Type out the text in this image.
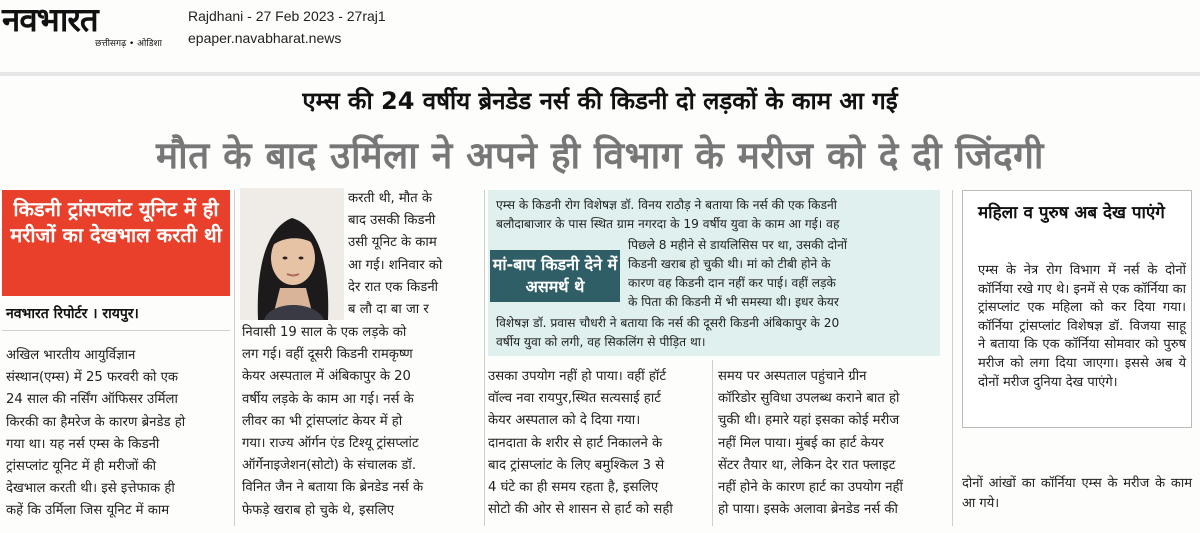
नवभारत
छत्तीसगढ़ • ओडिशा
Rajdhani - 27 Feb 2023 - 27raj1
epaper.navabharat.news
एम्स की 24 वर्षीय ब्रेनडेड नर्स की किडनी दो लड़कों के काम आ गई
मौत के बाद उर्मिला ने अपने ही विभाग के मरीज को दे दी जिंदगी
किडनी ट्रांसप्लांट यूनिट में ही मरीजों का देखभाल करती थी
नवभारत रिपोर्टर । रायपुर।
अखिल भारतीय आयुर्विज्ञान
संस्थान(एम्स) में 25 फरवरी को एक
24 साल की नर्सिंग ऑफिसर उर्मिला
किरकी का हैमरेज के कारण ब्रेनडेड हो
गया था। यह नर्स एम्स के किडनी
ट्रांसप्लांट यूनिट में ही मरीजों की
देखभाल करती थी। इसे इत्तेफाक ही
कहें कि उर्मिला जिस यूनिट में काम
करती थी, मौत के
बाद उसकी किडनी
उसी यूनिट के काम
आ गई। शनिवार को
देर रात एक किडनी
ब लौ दा बा जा र
निवासी 19 साल के एक लड़के को
लग गई। वहीं दूसरी किडनी रामकृष्ण
केयर अस्पताल में अंबिकापुर के 20
वर्षीय लड़के के काम आ गई। नर्स के
लीवर का भी ट्रांसप्लांट केयर में हो
गया। राज्य ऑर्गन एंड टिश्यू ट्रांसप्लांट
ऑर्गेनाइजेशन(सोटो) के संचालक डॉ.
विनित जैन ने बताया कि ब्रेनडेड नर्स के
फेफड़े खराब हो चुके थे, इसलिए
एम्स के किडनी रोग विशेषज्ञ डॉ. विनय राठौड़ ने बताया कि नर्स की एक किडनी
बलौदाबाजार के पास स्थित ग्राम नगरदा के 19 वर्षीय युवा के काम आ गई। वह
मां-बाप किडनी देने में असमर्थ थे
पिछले 8 महीने से डायलिसिस पर था, उसकी दोनों
किडनी खराब हो चुकी थी। मां को टीबी होने के
कारण वह किडनी दान नहीं कर पाई। वहीं लड़के
के पिता की किडनी में भी समस्या थी। इधर केयर
विशेषज्ञ डॉ. प्रवास चौधरी ने बताया कि नर्स की दूसरी किडनी अंबिकापुर के 20
वर्षीय युवा को लगी, वह सिकलिंग से पीड़ित था।
उसका उपयोग नहीं हो पाया। वहीं हॉर्ट
वॉल्व नवा रायपुर,स्थित सत्यसाई हार्ट
केयर अस्पताल को दे दिया गया।
दानदाता के शरीर से हार्ट निकालने के
बाद ट्रांसप्लांट के लिए बमुश्किल 3 से
4 घंटे का ही समय रहता है, इसलिए
सोटो की ओर से शासन से हार्ट को सही
समय पर अस्पताल पहुंचाने ग्रीन
कॉरिडोर सुविधा उपलब्ध कराने बात हो
चुकी थी। हमारे यहां इसका कोई मरीज
नहीं मिल पाया। मुंबई का हार्ट केयर
सेंटर तैयार था, लेकिन देर रात फ्लाइट
नहीं होने के कारण हार्ट का उपयोग नहीं
हो पाया। इसके अलावा ब्रेनडेड नर्स की
महिला व पुरुष अब देख पाएंगे
एम्स के नेत्र रोग विभाग में नर्स के दोनों कॉर्निया रखे गए थे। इनमें से एक कॉर्निया का ट्रांसप्लांट एक महिला को कर दिया गया। कॉर्निया ट्रांसप्लांट विशेषज्ञ डॉ. विजया साहू ने बताया कि एक कॉर्निया सोमवार को पुरुष मरीज को लगा दिया जाएगा। इससे अब ये दोनों मरीज दुनिया देख पाएंगे।
दोनों आंखों का कॉर्निया एम्स के मरीज के काम आ गये।
